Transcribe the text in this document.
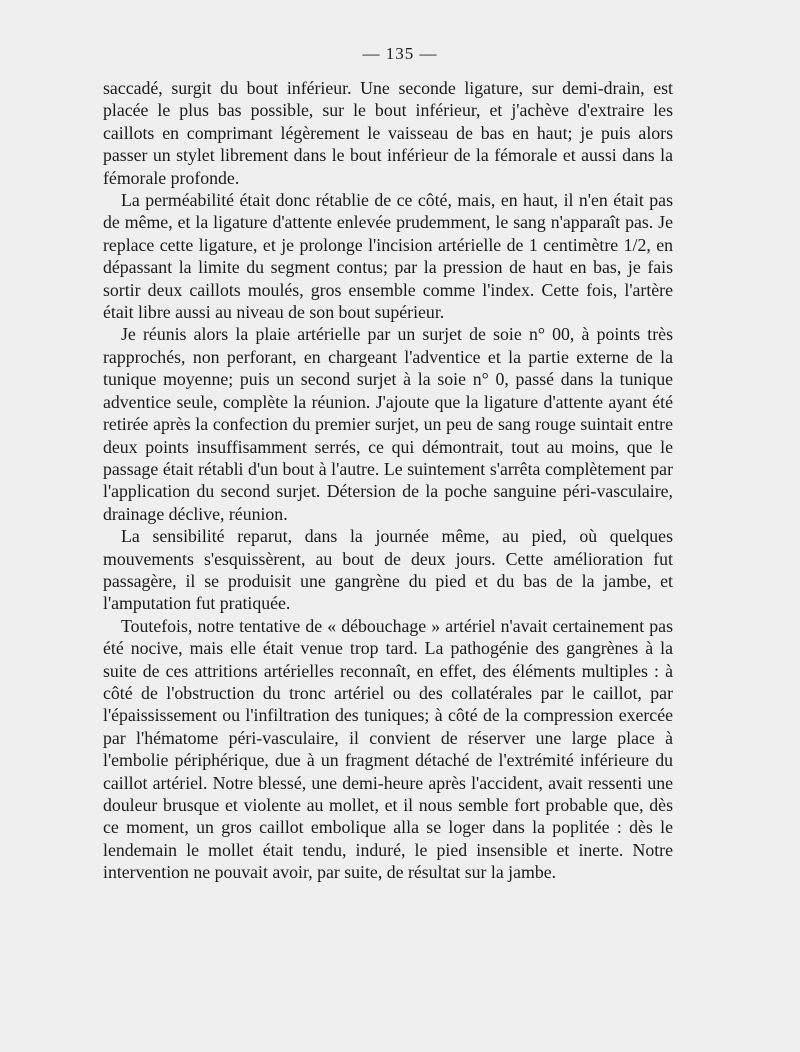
— 135 —

saccadé, surgit du bout inférieur. Une seconde ligature, sur demi-drain, est placée le plus bas possible, sur le bout inférieur, et j'achève d'extraire les caillots en comprimant légèrement le vaisseau de bas en haut; je puis alors passer un stylet librement dans le bout inférieur de la fémorale et aussi dans la fémorale profonde.

La perméabilité était donc rétablie de ce côté, mais, en haut, il n'en était pas de même, et la ligature d'attente enlevée prudemment, le sang n'apparaît pas. Je replace cette ligature, et je prolonge l'incision artérielle de 1 centimètre 1/2, en dépassant la limite du segment contus; par la pression de haut en bas, je fais sortir deux caillots moulés, gros ensemble comme l'index. Cette fois, l'artère était libre aussi au niveau de son bout supérieur.

Je réunis alors la plaie artérielle par un surjet de soie n° 00, à points très rapprochés, non perforant, en chargeant l'adventice et la partie externe de la tunique moyenne; puis un second surjet à la soie n° 0, passé dans la tunique adventice seule, complète la réunion. J'ajoute que la ligature d'attente ayant été retirée après la confection du premier surjet, un peu de sang rouge suintait entre deux points insuffisamment serrés, ce qui démontrait, tout au moins, que le passage était rétabli d'un bout à l'autre. Le suintement s'arrêta complètement par l'application du second surjet. Détersion de la poche sanguine péri-vasculaire, drainage déclive, réunion.

La sensibilité reparut, dans la journée même, au pied, où quelques mouvements s'esquissèrent, au bout de deux jours. Cette amélioration fut passagère, il se produisit une gangrène du pied et du bas de la jambe, et l'amputation fut pratiquée.

Toutefois, notre tentative de « débouchage » artériel n'avait certainement pas été nocive, mais elle était venue trop tard. La pathogénie des gangrènes à la suite de ces attritions artérielles reconnaît, en effet, des éléments multiples : à côté de l'obstruction du tronc artériel ou des collatérales par le caillot, par l'épaississement ou l'infiltration des tuniques; à côté de la compression exercée par l'hématome péri-vasculaire, il convient de réserver une large place à l'embolie périphérique, due à un fragment détaché de l'extrémité inférieure du caillot artériel. Notre blessé, une demi-heure après l'accident, avait ressenti une douleur brusque et violente au mollet, et il nous semble fort probable que, dès ce moment, un gros caillot embolique alla se loger dans la poplitée : dès le lendemain le mollet était tendu, induré, le pied insensible et inerte. Notre intervention ne pouvait avoir, par suite, de résultat sur la jambe.
